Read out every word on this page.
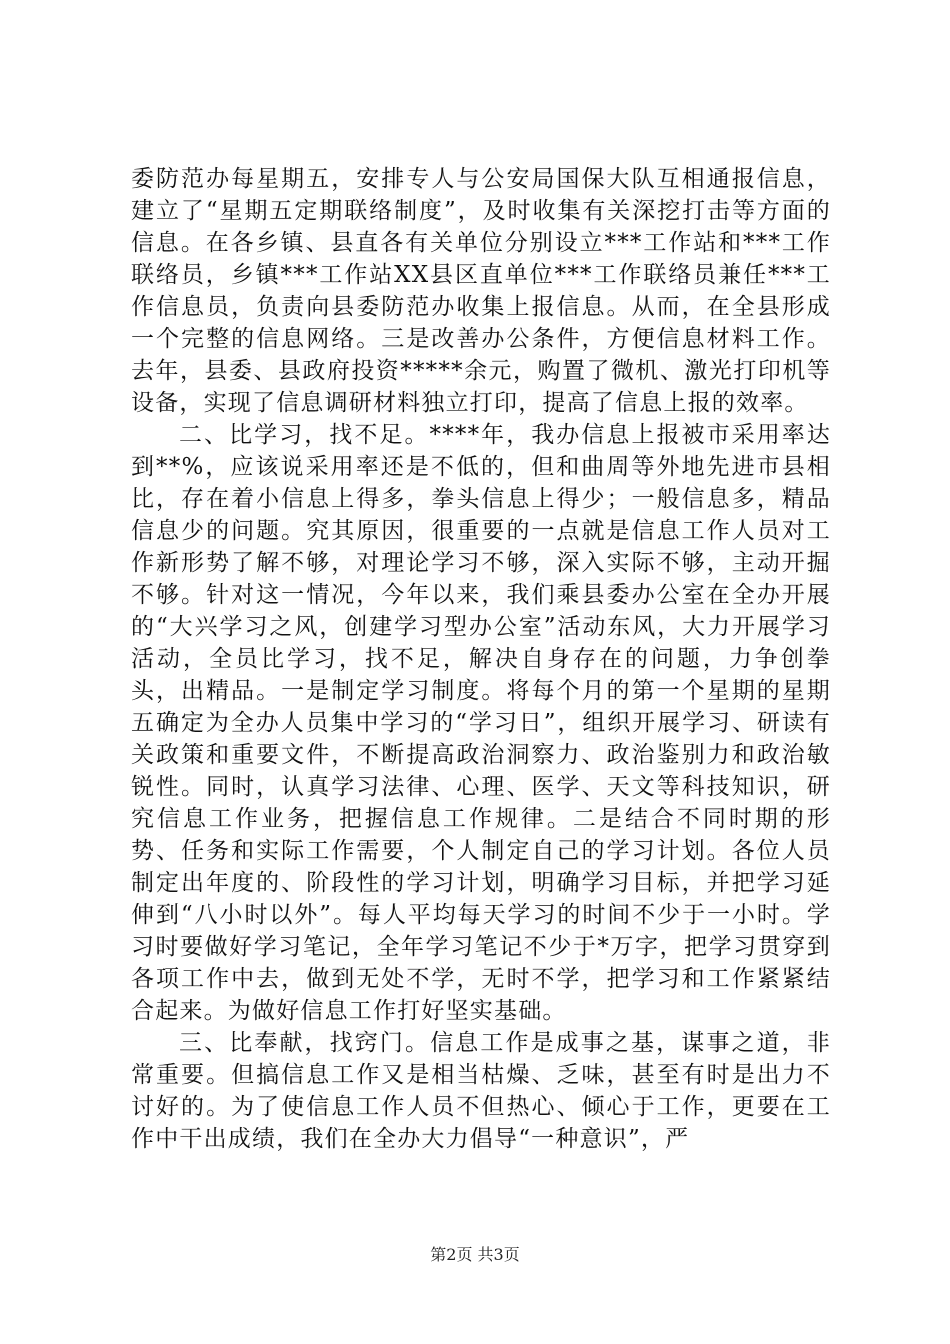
委防范办每星期五，安排专人与公安局国保大队互相通报信息，建立了“星期五定期联络制度”，及时收集有关深挖打击等方面的信息。在各乡镇、县直各有关单位分别设立***工作站和***工作联络员，乡镇***工作站XX县区直单位***工作联络员兼任***工作信息员，负责向县委防范办收集上报信息。从而，在全县形成一个完整的信息网络。三是改善办公条件，方便信息材料工作。去年，县委、县政府投资*****余元，购置了微机、激光打印机等设备，实现了信息调研材料独立打印，提高了信息上报的效率。

二、比学习，找不足。****年，我办信息上报被市采用率达到**%，应该说采用率还是不低的，但和曲周等外地先进市县相比，存在着小信息上得多，拳头信息上得少；一般信息多，精品信息少的问题。究其原因，很重要的一点就是信息工作人员对工作新形势了解不够，对理论学习不够，深入实际不够，主动开掘不够。针对这一情况，今年以来，我们乘县委办公室在全办开展的“大兴学习之风，创建学习型办公室”活动东风，大力开展学习活动，全员比学习，找不足，解决自身存在的问题，力争创拳头，出精品。一是制定学习制度。将每个月的第一个星期的星期五确定为全办人员集中学习的“学习日”，组织开展学习、研读有关政策和重要文件，不断提高政治洞察力、政治鉴别力和政治敏锐性。同时，认真学习法律、心理、医学、天文等科技知识，研究信息工作业务，把握信息工作规律。二是结合不同时期的形势、任务和实际工作需要，个人制定自己的学习计划。各位人员制定出年度的、阶段性的学习计划，明确学习目标，并把学习延伸到“八小时以外”。每人平均每天学习的时间不少于一小时。学习时要做好学习笔记，全年学习笔记不少于*万字，把学习贯穿到各项工作中去，做到无处不学，无时不学，把学习和工作紧紧结合起来。为做好信息工作打好坚实基础。

三、比奉献，找窍门。信息工作是成事之基，谋事之道，非常重要。但搞信息工作又是相当枯燥、乏味，甚至有时是出力不讨好的。为了使信息工作人员不但热心、倾心于工作，更要在工作中干出成绩，我们在全办大力倡导“一种意识”，严

第2页 共3页
